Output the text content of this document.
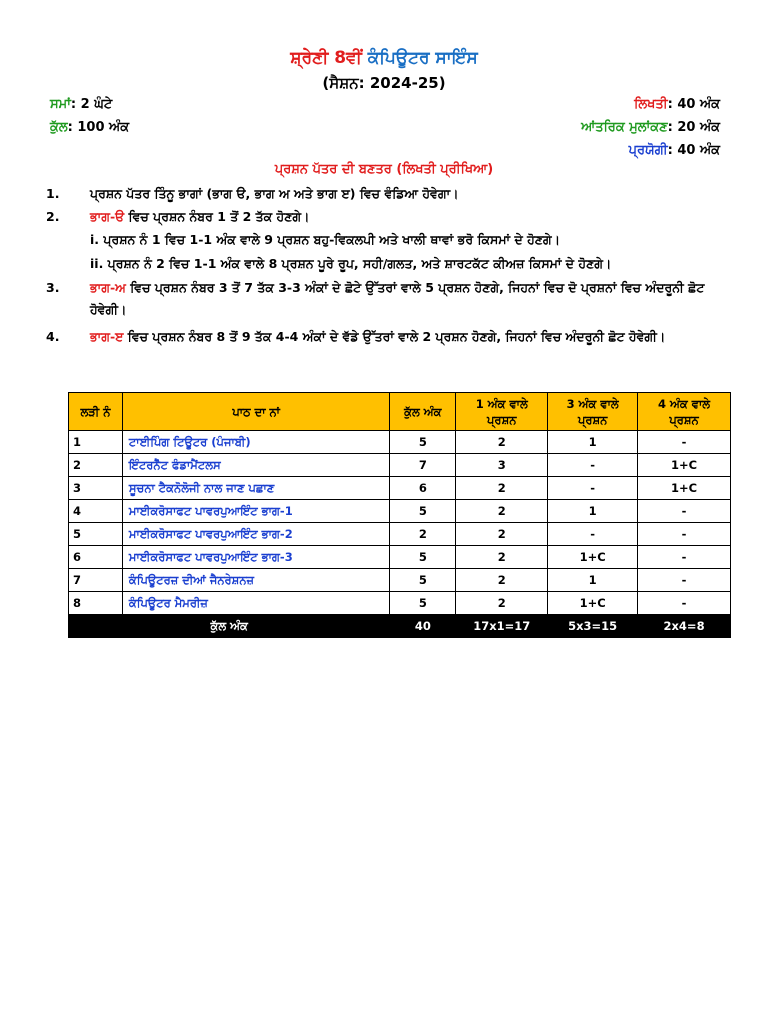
ਸ਼੍ਰੇਣੀ 8ਵੀਂ ਕੰਪਿਊਟਰ ਸਾਇੰਸ
(ਸੈਸ਼ਨ: 2024-25)
ਸਮਾਂ: 2 ਘੰਟੇ
ਕੁੱਲ: 100 ਅੰਕ
ਲਿਖਤੀ: 40 ਅੰਕ
ਆਂਤਰਿਕ ਮੁਲਾਂਕਣ: 20 ਅੰਕ
ਪ੍ਰਯੋਗੀ: 40 ਅੰਕ
ਪ੍ਰਸ਼ਨ ਪੱਤਰ ਦੀ ਬਣਤਰ (ਲਿਖਤੀ ਪ੍ਰੀਖਿਆ)
1. ਪ੍ਰਸ਼ਨ ਪੱਤਰ ਤਿੰਨੂ ਭਾਗਾਂ (ਭਾਗ ੳ, ਭਾਗ ਅ ਅਤੇ ਭਾਗ ੲ) ਵਿਚ ਵੰਡਿਆ ਹੋਵੇਗਾ।
2. ਭਾਗ-ੳ ਵਿਚ ਪ੍ਰਸ਼ਨ ਨੰਬਰ 1 ਤੋਂ 2 ਤੱਕ ਹੋਣਗੇ।
i. ਪ੍ਰਸ਼ਨ ਨੰ 1 ਵਿਚ 1-1 ਅੰਕ ਵਾਲੇ 9 ਪ੍ਰਸ਼ਨ ਬਹੁ-ਵਿਕਲਪੀ ਅਤੇ ਖਾਲੀ ਥਾਵਾਂ ਭਰੋ ਕਿਸਮਾਂ ਦੇ ਹੋਣਗੇ।
ii. ਪ੍ਰਸ਼ਨ ਨੰ 2 ਵਿਚ 1-1 ਅੰਕ ਵਾਲੇ 8 ਪ੍ਰਸ਼ਨ ਪੂਰੇ ਰੂਪ, ਸਹੀ/ਗਲਤ, ਅਤੇ ਸ਼ਾਰਟਕੱਟ ਕੀਅਜ਼ ਕਿਸਮਾਂ ਦੇ ਹੋਣਗੇ।
3. ਭਾਗ-ਅ ਵਿਚ ਪ੍ਰਸ਼ਨ ਨੰਬਰ 3 ਤੋਂ 7 ਤੱਕ 3-3 ਅੰਕਾਂ ਦੇ ਛੋਟੇ ਉੱਤਰਾਂ ਵਾਲੇ 5 ਪ੍ਰਸ਼ਨ ਹੋਣਗੇ, ਜਿਹਨਾਂ ਵਿਚ ਦੋ ਪ੍ਰਸ਼ਨਾਂ ਵਿਚ ਅੰਦਰੂਨੀ ਛੋਟ ਹੋਵੇਗੀ।
4. ਭਾਗ-ੲ ਵਿਚ ਪ੍ਰਸ਼ਨ ਨੰਬਰ 8 ਤੋਂ 9 ਤੱਕ 4-4 ਅੰਕਾਂ ਦੇ ਵੱਡੇ ਉੱਤਰਾਂ ਵਾਲੇ 2 ਪ੍ਰਸ਼ਨ ਹੋਣਗੇ, ਜਿਹਨਾਂ ਵਿਚ ਅੰਦਰੂਨੀ ਛੋਟ ਹੋਵੇਗੀ।
ਲੜੀ ਨੰ	ਪਾਠ ਦਾ ਨਾਂ	ਕੁੱਲ ਅੰਕ	1 ਅੰਕ ਵਾਲੇ ਪ੍ਰਸ਼ਨ	3 ਅੰਕ ਵਾਲੇ ਪ੍ਰਸ਼ਨ	4 ਅੰਕ ਵਾਲੇ ਪ੍ਰਸ਼ਨ
1	ਟਾਈਪਿੰਗ ਟਿਊਟਰ (ਪੰਜਾਬੀ)	5	2	1	-
2	ਇੰਟਰਨੈੱਟ ਫੰਡਾਮੈਂਟਲਸ	7	3	-	1+C
3	ਸੂਚਨਾ ਟੈਕਨੋਲੋਜੀ ਨਾਲ ਜਾਣ ਪਛਾਣ	6	2	-	1+C
4	ਮਾਈਕਰੋਸਾਫਟ ਪਾਵਰਪੁਆਇੰਟ ਭਾਗ-1	5	2	1	-
5	ਮਾਈਕਰੋਸਾਫਟ ਪਾਵਰਪੁਆਇੰਟ ਭਾਗ-2	2	2	-	-
6	ਮਾਈਕਰੋਸਾਫਟ ਪਾਵਰਪੁਆਇੰਟ ਭਾਗ-3	5	2	1+C	-
7	ਕੰਪਿਊਟਰਜ਼ ਦੀਆਂ ਜੈਨਰੇਸ਼ਨਜ਼	5	2	1	-
8	ਕੰਪਿਊਟਰ ਮੈਮਰੀਜ਼	5	2	1+C	-
ਕੁੱਲ ਅੰਕ		40	17x1=17	5x3=15	2x4=8
